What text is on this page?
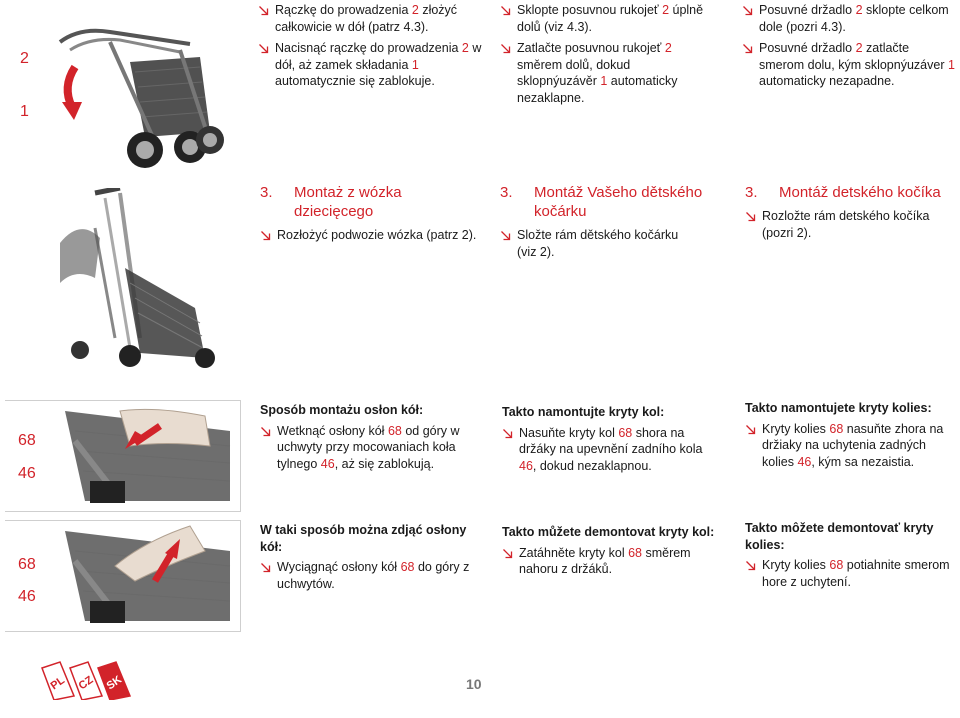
2
1
Rączkę do prowadzenia 2 złożyć całkowicie w dół (patrz 4.3).
Nacisnąć rączkę do prowadzenia 2 w dół, aż zamek składania 1 automatycznie się zablokuje.
Sklopte posuvnou rukojeť 2 úplně dolů (viz 4.3).
Zatlačte posuvnou rukojeť 2 směrem dolů, dokud sklopnýuzávěr 1 automaticky nezaklapne.
Posuvné držadlo 2 sklopte celkom dole (pozri 4.3).
Posuvné držadlo 2 zatlačte smerom dolu, kým sklopnýuzáver 1 automaticky nezapadne.
3. Montaż z wózka dziecięcego
Rozłożyć podwozie wózka (patrz 2).
3. Montáž Vašeho dětského kočárku
Složte rám dětského kočárku (viz 2).
3. Montáž detského kočíka
Rozložte rám detského kočíka (pozri 2).
68
46
Sposób montażu osłon kół:
Wetknąć osłony kół 68 od góry w uchwyty przy mocowaniach koła tylnego 46, aż się zablokują.
Takto namontujte kryty kol:
Nasuňte kryty kol 68 shora na držáky na upevnění zadního kola 46, dokud nezaklapnou.
Takto namontujete kryty kolies:
Kryty kolies 68 nasuňte zhora na držiaky na uchytenia zadných kolies 46, kým sa nezaistia.
68
46
W taki sposób można zdjąć osłony kół:
Wyciągnąć osłony kół 68 do góry z uchwytów.
Takto můžete demontovat kryty kol:
Zatáhněte kryty kol 68 směrem nahoru z držáků.
Takto môžete demontovať kryty kolies:
Kryty kolies 68 potiahnite smerom hore z uchytení.
PL CZ SK	10
